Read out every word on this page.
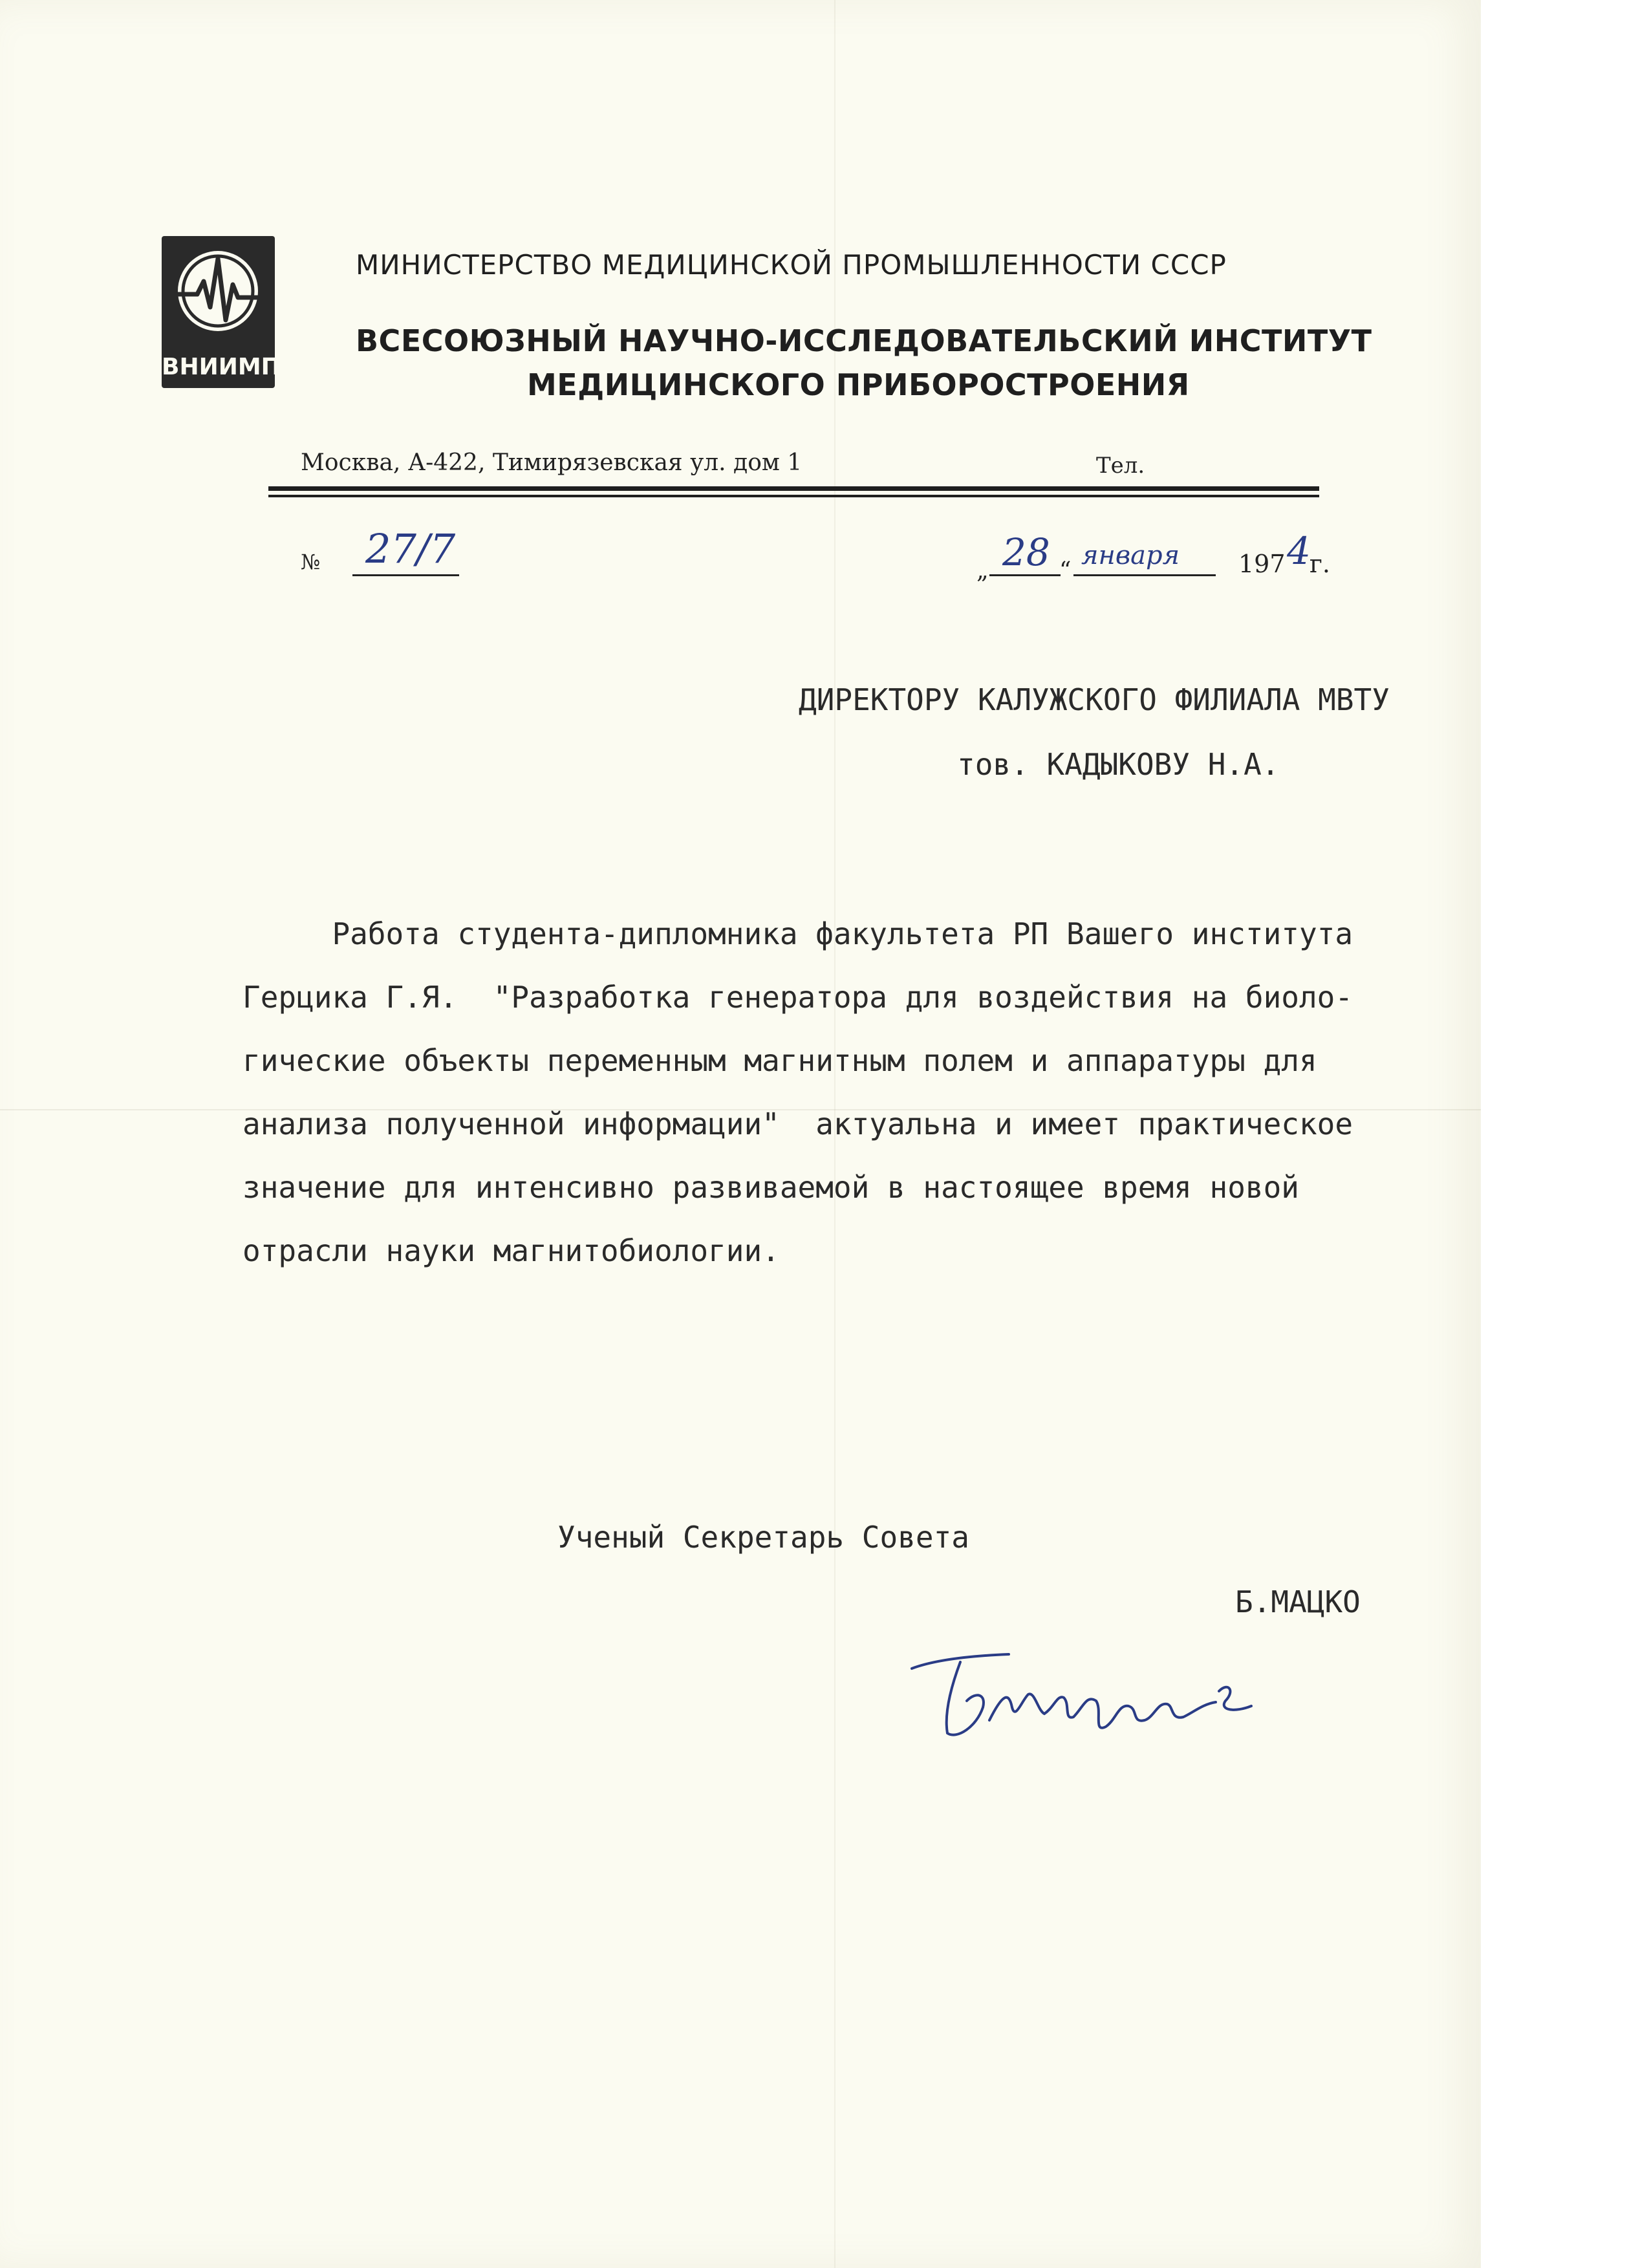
ВНИИМП
МИНИСТЕРСТВО МЕДИЦИНСКОЙ ПРОМЫШЛЕННОСТИ СССР
ВСЕСОЮЗНЫЙ НАУЧНО-ИССЛЕДОВАТЕЛЬСКИЙ ИНСТИТУТ
МЕДИЦИНСКОГО ПРИБОРОСТРОЕНИЯ
Москва, А-422, Тимирязевская ул. дом 1	Тел.
№ 27/7	„ 28 “
января 197 4
г.
ДИРЕКТОРУ КАЛУЖСКОГО ФИЛИАЛА МВТУ
тов. КАДЫКОВУ Н.А.
Работа студента-дипломника факультета РП Вашего института
Герцика Г.Я.  "Разработка генератора для воздействия на биоло-
гические объекты переменным магнитным полем и аппаратуры для
анализа полученной информации"  актуальна и имеет практическое
значение для интенсивно развиваемой в настоящее время новой
отрасли науки магнитобиологии.
Ученый Секретарь Совета
Б.МАЦКО
